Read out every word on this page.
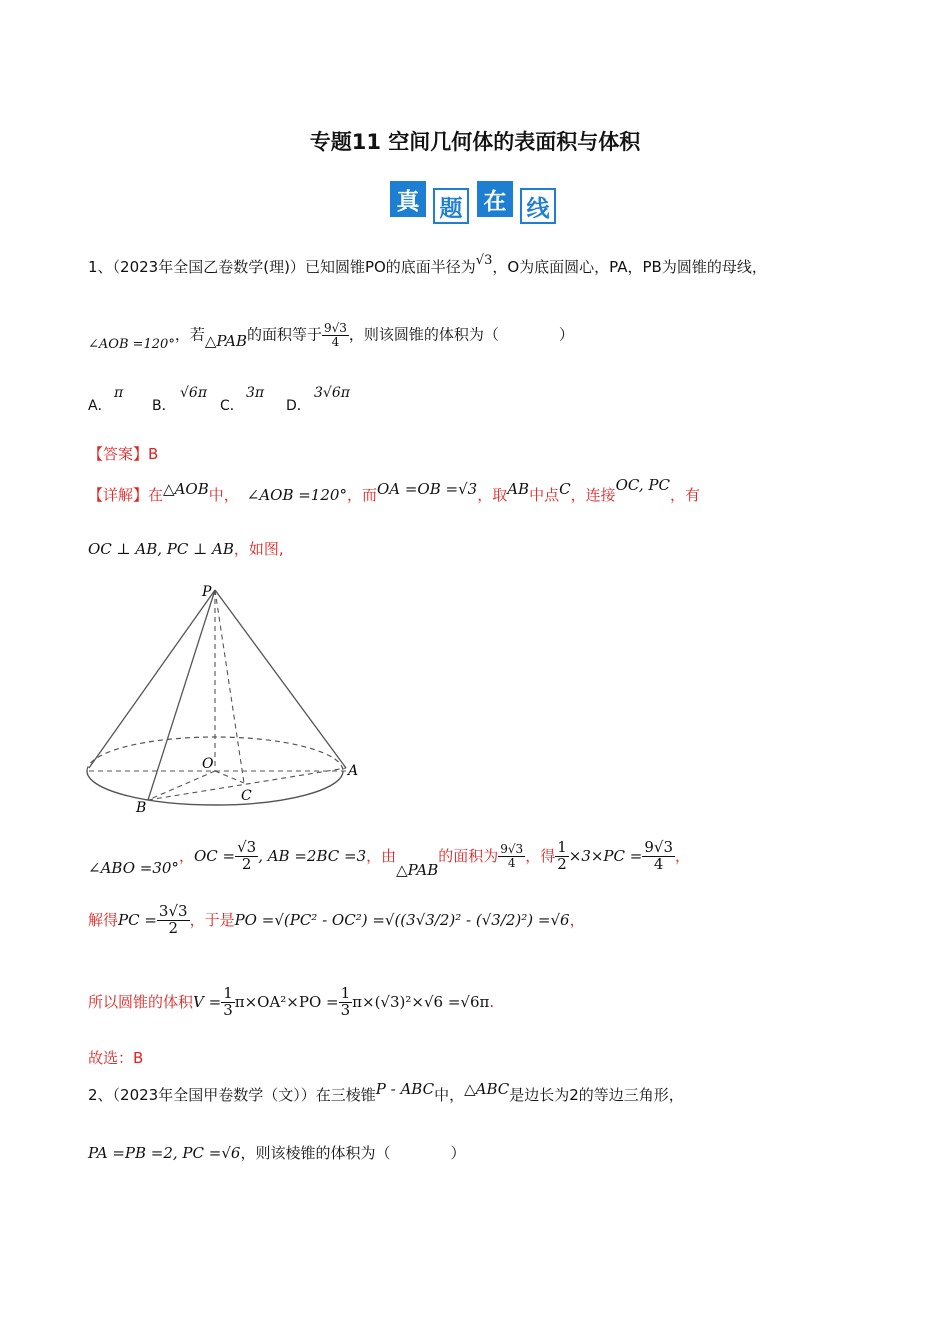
专题11 空间几何体的表面积与体积
真 题 在 线
1、（2023年全国乙卷数学(理)）已知圆锥PO的底面半径为√3，O为底面圆心，PA，PB为圆锥的母线，
∠AOB =120°，若△PAB的面积等于 $\frac{9√3}{4}$ ，则该圆锥的体积为（　　　　）
A．
π
B．
√6π
C．
3π
D．
3√6π
【答案】B
【详解】在△AOB中， ∠AOB =120°，而OA =OB =√3，取AB中点C，连接OC, PC，有
OC ⊥ AB, PC ⊥ AB，如图,
P
O	A
B
C
∠ABO =30°，OC = $\frac{√3}{2}$ , AB =2BC =3，由△PAB的面积为 $\frac{9√3}{4}$ ，得 $\frac{1}{2} \times 3\times PC = \frac{9√3}{4}$ ，
解得PC = $\frac{3√3}{2}$ ，于是PO =√(PC² - OC²) =√((3√3/2)² - (√3/2)²) =√6，
所以圆锥的体积$V = \frac{1}{3} \pi\times OA^2\times PO = \frac{1}{3} \pi\times(√3)^2\times√6 =√6\pi$.
故选：B
2、（2023年全国甲卷数学（文））在三棱锥P - ABC中，△ABC是边长为2的等边三角形，
PA =PB =2, PC =√6，则该棱锥的体积为（　　　　）
